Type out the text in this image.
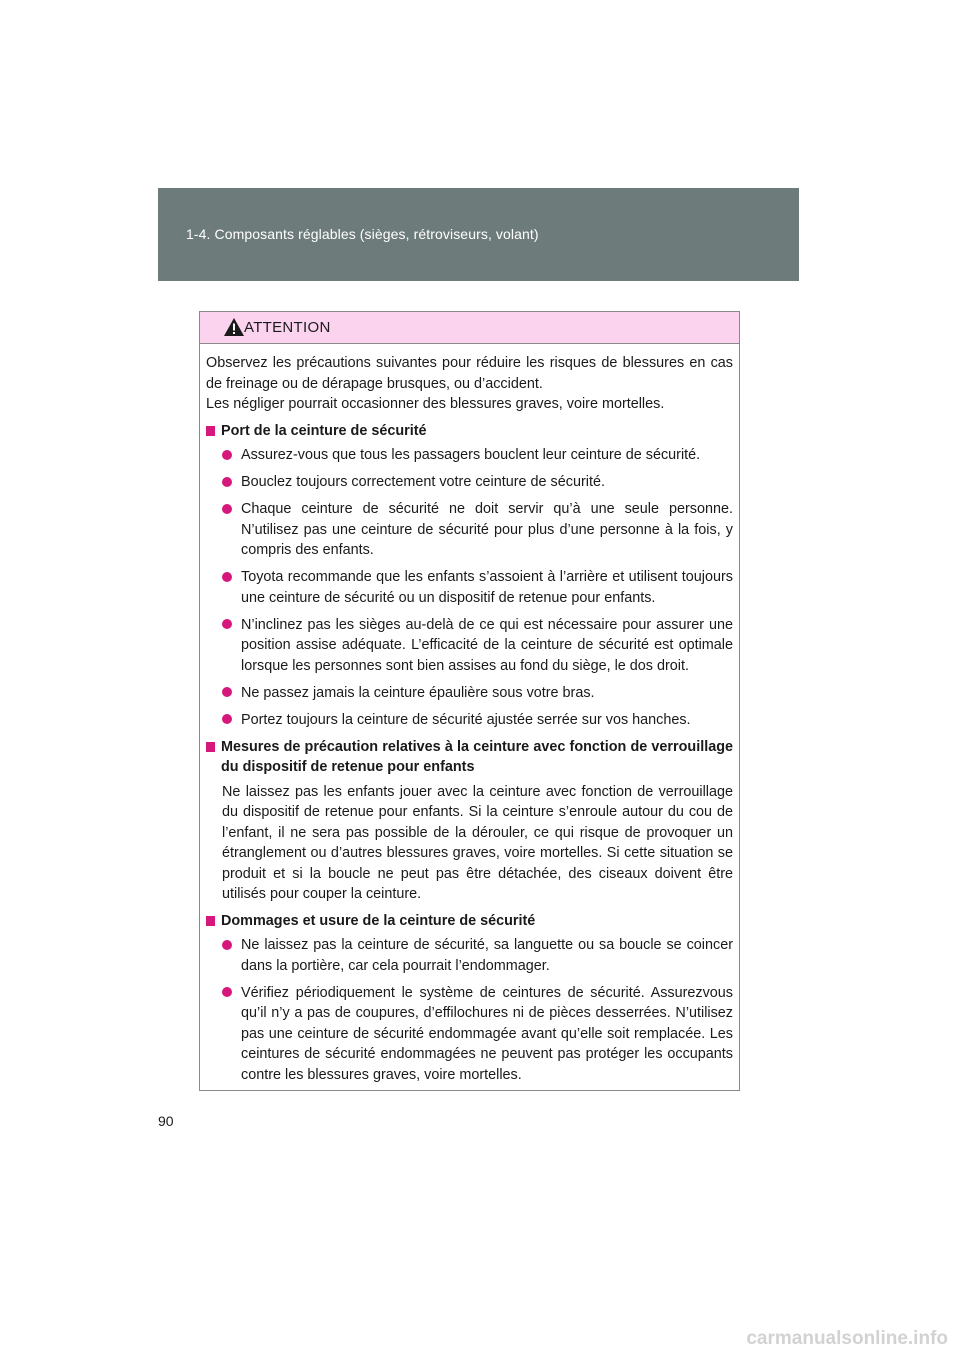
1-4. Composants réglables (sièges, rétroviseurs, volant)
ATTENTION

Observez les précautions suivantes pour réduire les risques de blessures en cas de freinage ou de dérapage brusques, ou d’accident.

Les négliger pourrait occasionner des blessures graves, voire mortelles.

Port de la ceinture de sécurité
Assurez-vous que tous les passagers bouclent leur ceinture de sécurité.
Bouclez toujours correctement votre ceinture de sécurité.
Chaque ceinture de sécurité ne doit servir qu’à une seule personne. N’utilisez pas une ceinture de sécurité pour plus d’une personne à la fois, y compris des enfants.
Toyota recommande que les enfants s’assoient à l’arrière et utilisent toujours une ceinture de sécurité ou un dispositif de retenue pour enfants.
N’inclinez pas les sièges au-delà de ce qui est nécessaire pour assurer une position assise adéquate. L’efficacité de la ceinture de sécurité est optimale lorsque les personnes sont bien assises au fond du siège, le dos droit.
Ne passez jamais la ceinture épaulière sous votre bras.
Portez toujours la ceinture de sécurité ajustée serrée sur vos hanches.
Mesures de précaution relatives à la ceinture avec fonction de verrouillage du dispositif de retenue pour enfants

Ne laissez pas les enfants jouer avec la ceinture avec fonction de verrouillage du dispositif de retenue pour enfants. Si la ceinture s’enroule autour du cou de l’enfant, il ne sera pas possible de la dérouler, ce qui risque de provoquer un étranglement ou d’autres blessures graves, voire mortelles. Si cette situation se produit et si la boucle ne peut pas être détachée, des ciseaux doivent être utilisés pour couper la ceinture.

Dommages et usure de la ceinture de sécurité
Ne laissez pas la ceinture de sécurité, sa languette ou sa boucle se coincer dans la portière, car cela pourrait l’endommager.
Vérifiez périodiquement le système de ceintures de sécurité. Assurezvous qu’il n’y a pas de coupures, d’effilochures ni de pièces desserrées. N’utilisez pas une ceinture de sécurité endommagée avant qu’elle soit remplacée. Les ceintures de sécurité endommagées ne peuvent pas protéger les occupants contre les blessures graves, voire mortelles.
90
carmanualsonline.info
